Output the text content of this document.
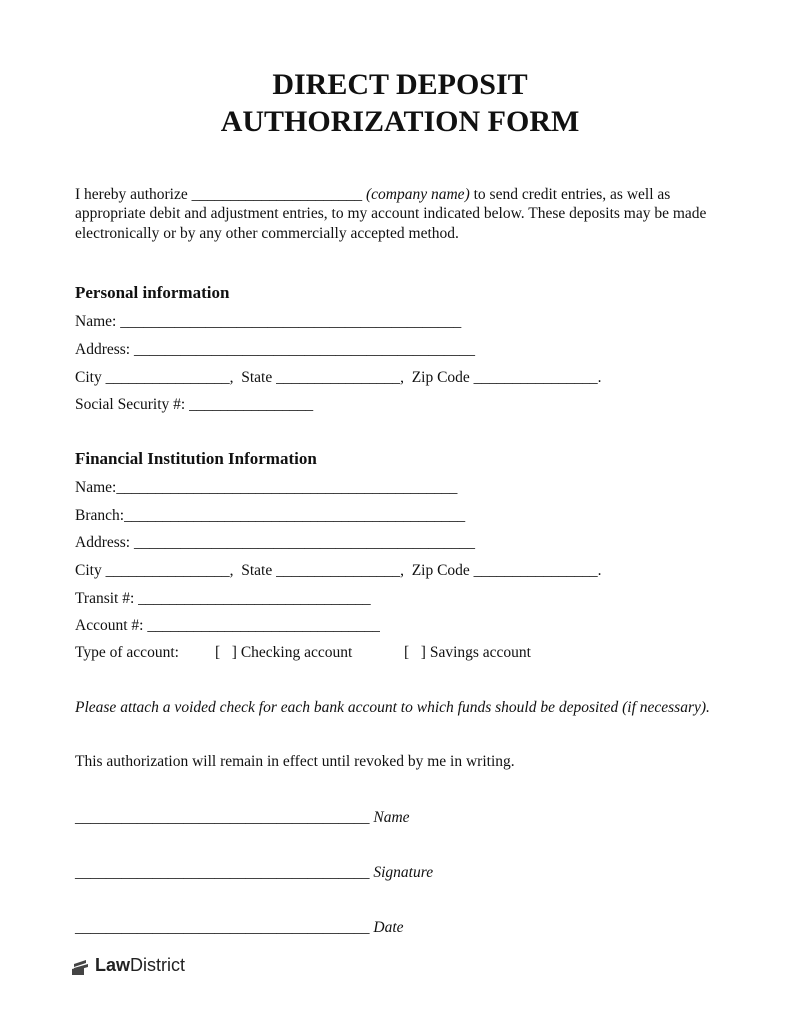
DIRECT DEPOSIT
AUTHORIZATION FORM
I hereby authorize ______________________ (company name) to send credit entries, as well as
appropriate debit and adjustment entries, to my account indicated below. These deposits may be made
electronically or by any other commercially accepted method.
Personal information
Name: ____________________________________________
Address: ____________________________________________
City ________________,  State ________________,  Zip Code ________________.
Social Security #: ________________
Financial Institution Information
Name:____________________________________________
Branch:____________________________________________
Address: ____________________________________________
City ________________,  State ________________,  Zip Code ________________.
Transit #: ______________________________
Account #: ______________________________
Type of account: [   ] Checking account	[   ] Savings account
Please attach a voided check for each bank account to which funds should be deposited (if necessary).
This authorization will remain in effect until revoked by me in writing.
______________________________________ Name
______________________________________ Signature
______________________________________ Date
LawDistrict
